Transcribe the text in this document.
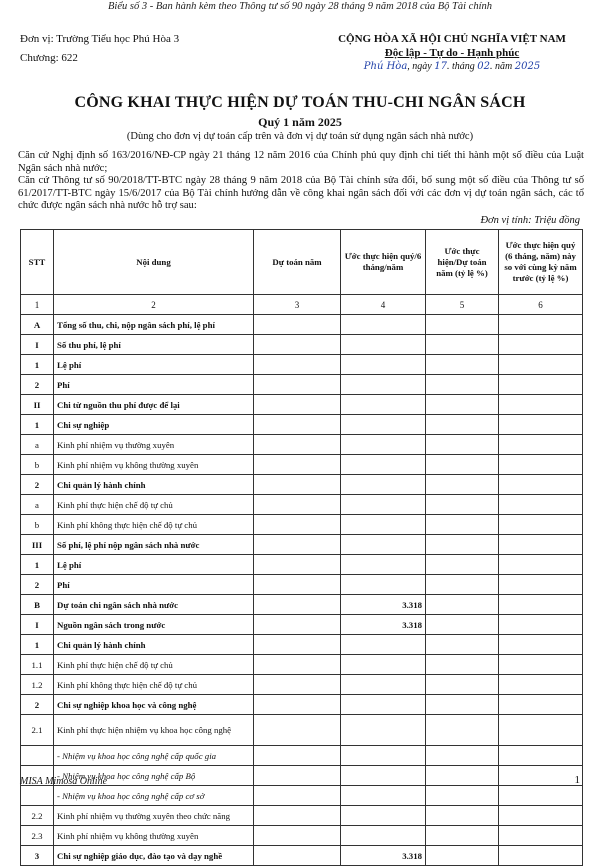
Biểu số 3 - Ban hành kèm theo Thông tư số 90 ngày 28 tháng 9 năm 2018 của Bộ Tài chính
Đơn vị: Trường Tiểu học Phú Hòa 3
Chương: 622
CỘNG HÒA XÃ HỘI CHỦ NGHĨA VIỆT NAM
Độc lập - Tự do - Hạnh phúc
Phú Hòa, ngày 17. tháng 02. năm 2025
CÔNG KHAI THỰC HIỆN DỰ TOÁN THU-CHI NGÂN SÁCH
Quý 1 năm 2025
(Dùng cho đơn vị dự toán cấp trên và đơn vị dự toán sử dụng ngân sách nhà nước)

Căn cứ Nghị định số 163/2016/NĐ-CP ngày 21 tháng 12 năm 2016 của Chính phủ quy định chi tiết thi hành một số điều của Luật Ngân sách nhà nước;

Căn cứ Thông tư số 90/2018/TT-BTC ngày 28 tháng 9 năm 2018 của Bộ Tài chính sửa đổi, bổ sung một số điều của Thông tư số 61/2017/TT-BTC ngày 15/6/2017 của Bộ Tài chính hướng dẫn về công khai ngân sách đối với các đơn vị dự toán ngân sách, các tổ chức được ngân sách nhà nước hỗ trợ sau:

Đơn vị tính: Triệu đồng
STT	Nội dung	Dự toán năm	Ước thực hiện quý/6 tháng/năm	Ước thực hiện/Dự toán năm (tỷ lệ %)	Ước thực hiện quý (6 tháng, năm) này so với cùng kỳ năm trước (tỷ lệ %)
1	2	3	4	5	6
A	Tổng số thu, chi, nộp ngân sách phí, lệ phí				
I	Số thu phí, lệ phí				
1	Lệ phí				
2	Phí				
II	Chi từ nguồn thu phí được để lại				
1	Chi sự nghiệp				
a	Kinh phí nhiệm vụ thường xuyên				
b	Kinh phí nhiệm vụ không thường xuyên				
2	Chi quản lý hành chính				
a	Kinh phí thực hiện chế độ tự chủ				
b	Kinh phí không thực hiện chế độ tự chủ				
III	Số phí, lệ phí nộp ngân sách nhà nước				
1	Lệ phí				
2	Phí				
B	Dự toán chi ngân sách nhà nước		3.318		
I	Nguồn ngân sách trong nước		3.318		
1	Chi quản lý hành chính				
1.1	Kinh phí thực hiện chế độ tự chủ				
1.2	Kinh phí không thực hiện chế độ tự chủ				
2	Chi sự nghiệp khoa học và công nghệ				
2.1	Kinh phí thực hiện nhiệm vụ khoa học công nghệ				
	- Nhiệm vụ khoa học công nghệ cấp quốc gia				
	- Nhiệm vụ khoa học công nghệ cấp Bộ				
	- Nhiệm vụ khoa học công nghệ cấp cơ sở				
2.2	Kinh phí nhiệm vụ thường xuyên theo chức năng				
2.3	Kinh phí nhiệm vụ không thường xuyên				
3	Chi sự nghiệp giáo dục, đào tạo và dạy nghề		3.318		
MISA Mimosa Online	1
